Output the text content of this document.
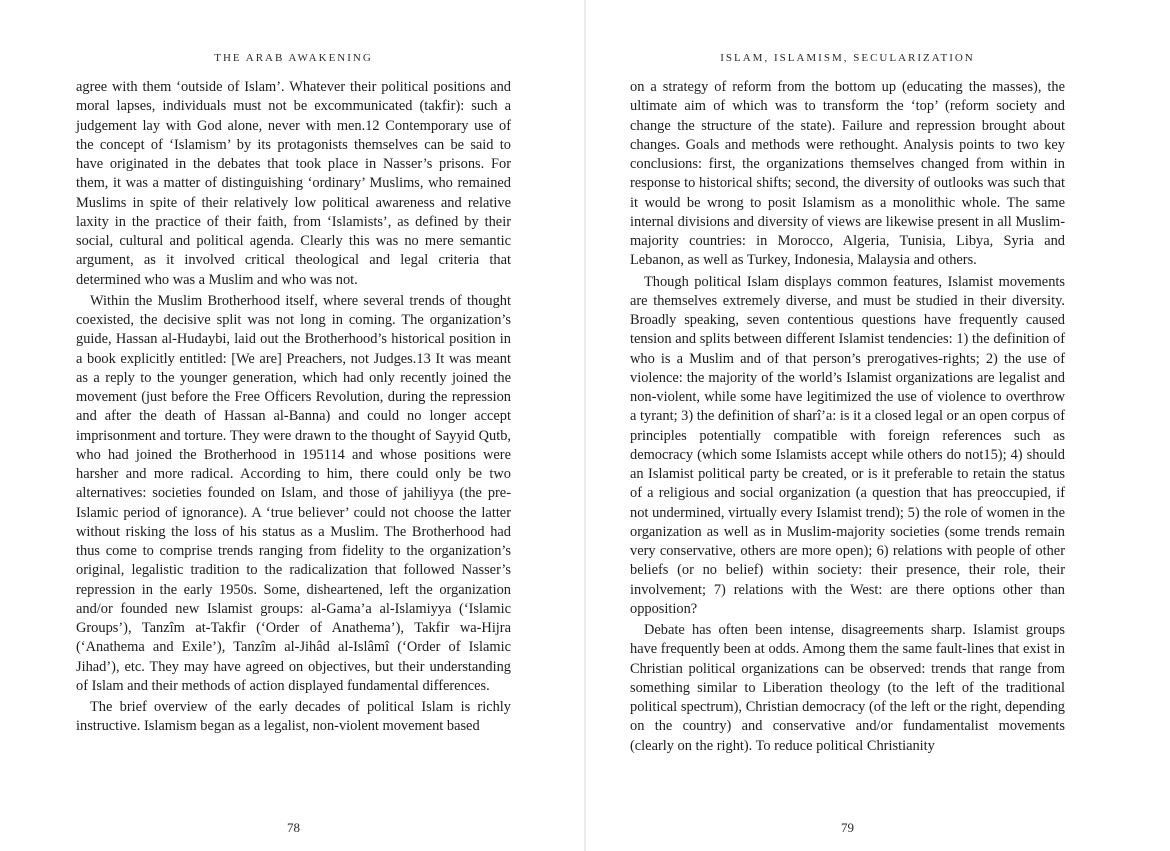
THE ARAB AWAKENING

agree with them ‘outside of Islam’. Whatever their political positions and moral lapses, individuals must not be excommunicated (takfir): such a judgement lay with God alone, never with men.12 Contemporary use of the concept of ‘Islamism’ by its protagonists themselves can be said to have originated in the debates that took place in Nasser’s prisons. For them, it was a matter of distinguishing ‘ordinary’ Muslims, who remained Muslims in spite of their relatively low political awareness and relative laxity in the practice of their faith, from ‘Islamists’, as defined by their social, cultural and political agenda. Clearly this was no mere semantic argument, as it involved critical theological and legal criteria that determined who was a Muslim and who was not.

Within the Muslim Brotherhood itself, where several trends of thought coexisted, the decisive split was not long in coming. The organization’s guide, Hassan al-Hudaybi, laid out the Brotherhood’s historical position in a book explicitly entitled: [We are] Preachers, not Judges.13 It was meant as a reply to the younger generation, which had only recently joined the movement (just before the Free Officers Revolution, during the repression and after the death of Hassan al-Banna) and could no longer accept imprisonment and torture. They were drawn to the thought of Sayyid Qutb, who had joined the Brotherhood in 195114 and whose positions were harsher and more radical. According to him, there could only be two alternatives: societies founded on Islam, and those of jahiliyya (the pre-Islamic period of ignorance). A ‘true believer’ could not choose the latter without risking the loss of his status as a Muslim. The Brotherhood had thus come to comprise trends ranging from fidelity to the organization’s original, legalistic tradition to the radicalization that followed Nasser’s repression in the early 1950s. Some, disheartened, left the organization and/or founded new Islamist groups: al-Gama’a al-Islamiyya (‘Islamic Groups’), Tanzîm at-Takfir (‘Order of Anathema’), Takfir wa-Hijra (‘Anathema and Exile’), Tanzîm al-Jihâd al-Islâmî (‘Order of Islamic Jihad’), etc. They may have agreed on objectives, but their understanding of Islam and their methods of action displayed fundamental differences.

The brief overview of the early decades of political Islam is richly instructive. Islamism began as a legalist, non-violent movement based

78
ISLAM, ISLAMISM, SECULARIZATION

on a strategy of reform from the bottom up (educating the masses), the ultimate aim of which was to transform the ‘top’ (reform society and change the structure of the state). Failure and repression brought about changes. Goals and methods were rethought. Analysis points to two key conclusions: first, the organizations themselves changed from within in response to historical shifts; second, the diversity of outlooks was such that it would be wrong to posit Islamism as a monolithic whole. The same internal divisions and diversity of views are likewise present in all Muslim-majority countries: in Morocco, Algeria, Tunisia, Libya, Syria and Lebanon, as well as Turkey, Indonesia, Malaysia and others.

Though political Islam displays common features, Islamist movements are themselves extremely diverse, and must be studied in their diversity. Broadly speaking, seven contentious questions have frequently caused tension and splits between different Islamist tendencies: 1) the definition of who is a Muslim and of that person’s prerogatives-rights; 2) the use of violence: the majority of the world’s Islamist organizations are legalist and non-violent, while some have legitimized the use of violence to overthrow a tyrant; 3) the definition of sharî’a: is it a closed legal or an open corpus of principles potentially compatible with foreign references such as democracy (which some Islamists accept while others do not15); 4) should an Islamist political party be created, or is it preferable to retain the status of a religious and social organization (a question that has preoccupied, if not undermined, virtually every Islamist trend); 5) the role of women in the organization as well as in Muslim-majority societies (some trends remain very conservative, others are more open); 6) relations with people of other beliefs (or no belief) within society: their presence, their role, their involvement; 7) relations with the West: are there options other than opposition?

Debate has often been intense, disagreements sharp. Islamist groups have frequently been at odds. Among them the same fault-lines that exist in Christian political organizations can be observed: trends that range from something similar to Liberation theology (to the left of the traditional political spectrum), Christian democracy (of the left or the right, depending on the country) and conservative and/or fundamentalist movements (clearly on the right). To reduce political Christianity

79
